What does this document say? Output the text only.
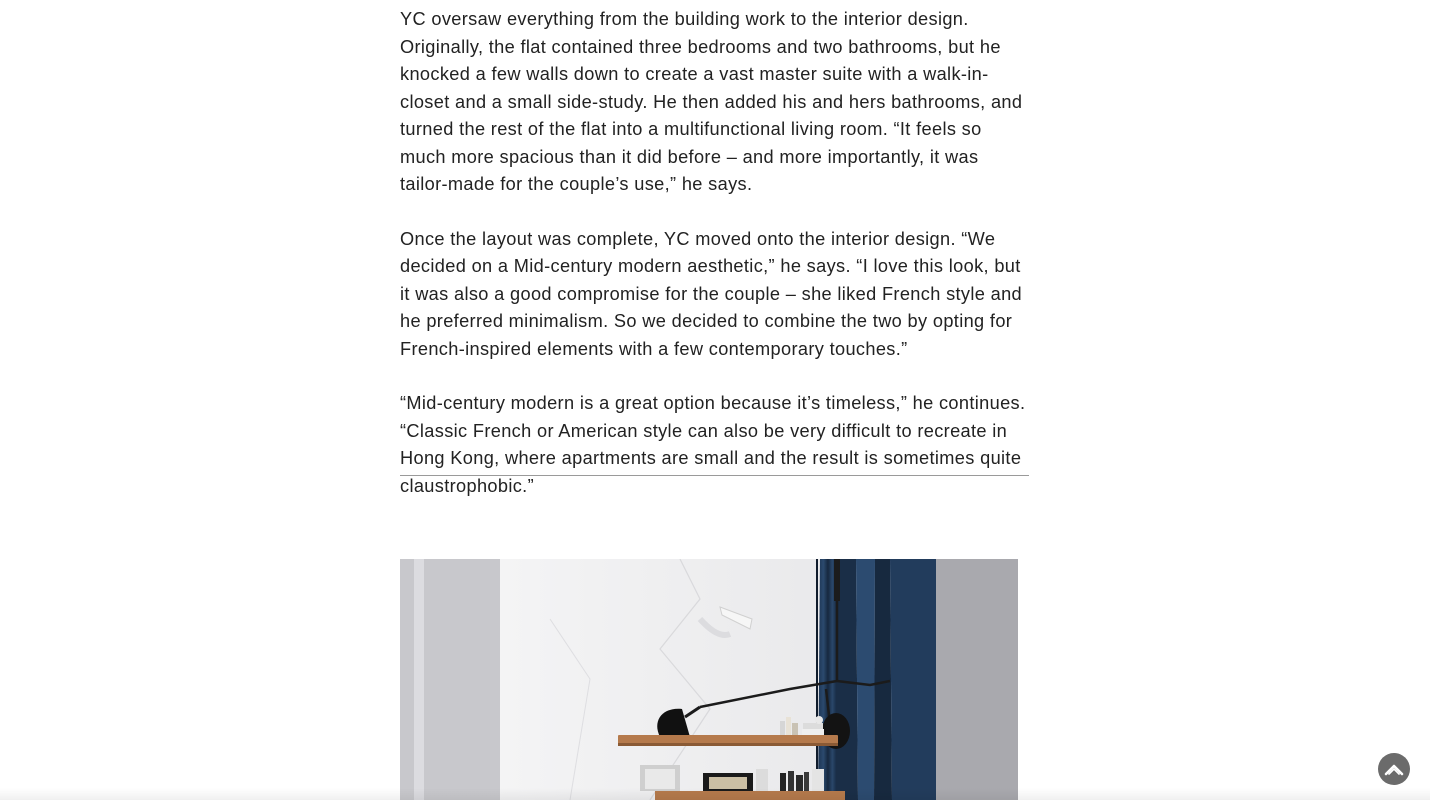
YC oversaw everything from the building work to the interior design. Originally, the flat contained three bedrooms and two bathrooms, but he knocked a few walls down to create a vast master suite with a walk-in-closet and a small side-study. He then added his and hers bathrooms, and turned the rest of the flat into a multifunctional living room. “It feels so much more spacious than it did before – and more importantly, it was tailor-made for the couple’s use,” he says.

Once the layout was complete, YC moved onto the interior design. “We decided on a Mid-century modern aesthetic,” he says. “I love this look, but it was also a good compromise for the couple – she liked French style and he preferred minimalism. So we decided to combine the two by opting for French-inspired elements with a few contemporary touches.”

“Mid-century modern is a great option because it’s timeless,” he continues. “Classic French or American style can also be very difficult to recreate in Hong Kong, where apartments are small and the result is sometimes quite claustrophobic.”
